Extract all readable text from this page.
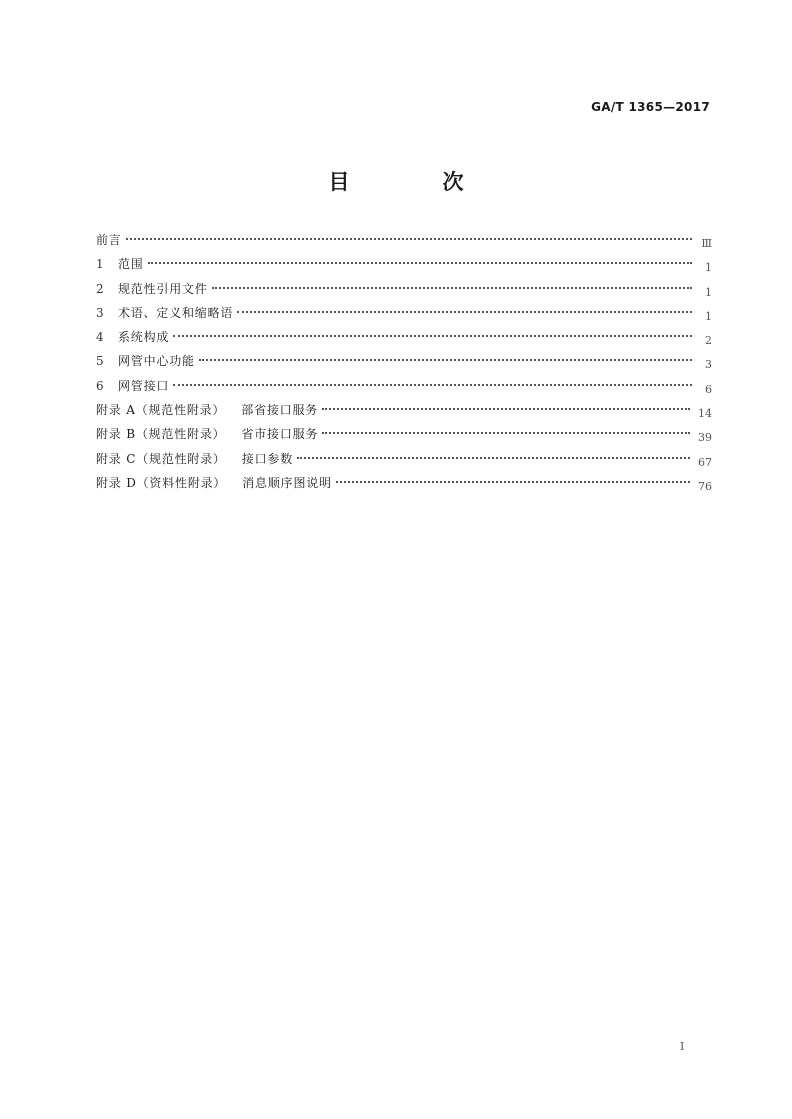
GA/T 1365—2017
目　次
前言	Ⅲ
1	范围	1
2	规范性引用文件	1
3	术语、定义和缩略语	1
4	系统构成	2
5	网管中心功能	3
6	网管接口	6
附录 A（规范性附录） 部省接口服务	14
附录 B（规范性附录） 省市接口服务	39
附录 C（规范性附录） 接口参数	67
附录 D（资料性附录） 消息顺序图说明	76
I
